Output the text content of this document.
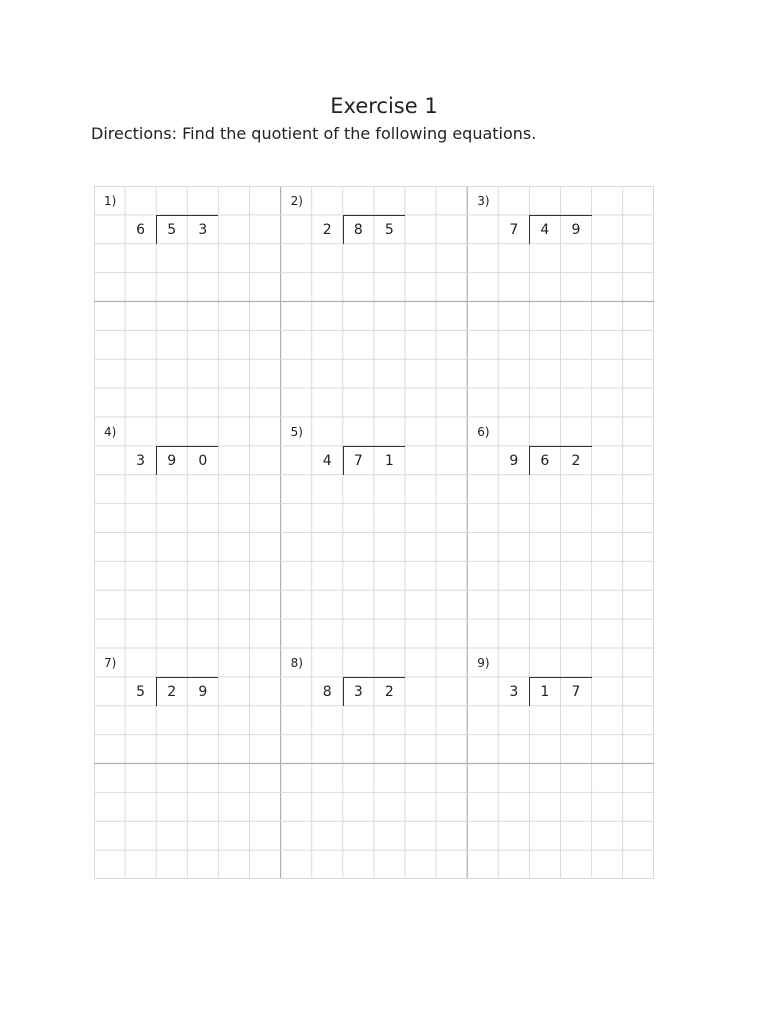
Exercise 1

Directions: Find the quotient of the following equations.

1)
6	5	3
2)
2	8	5
3)
7	4	9
4)
3	9	0
5)
4	7	1
6)
9	6	2
7)
5	2	9
8)
8	3	2
9)
3	1	7
